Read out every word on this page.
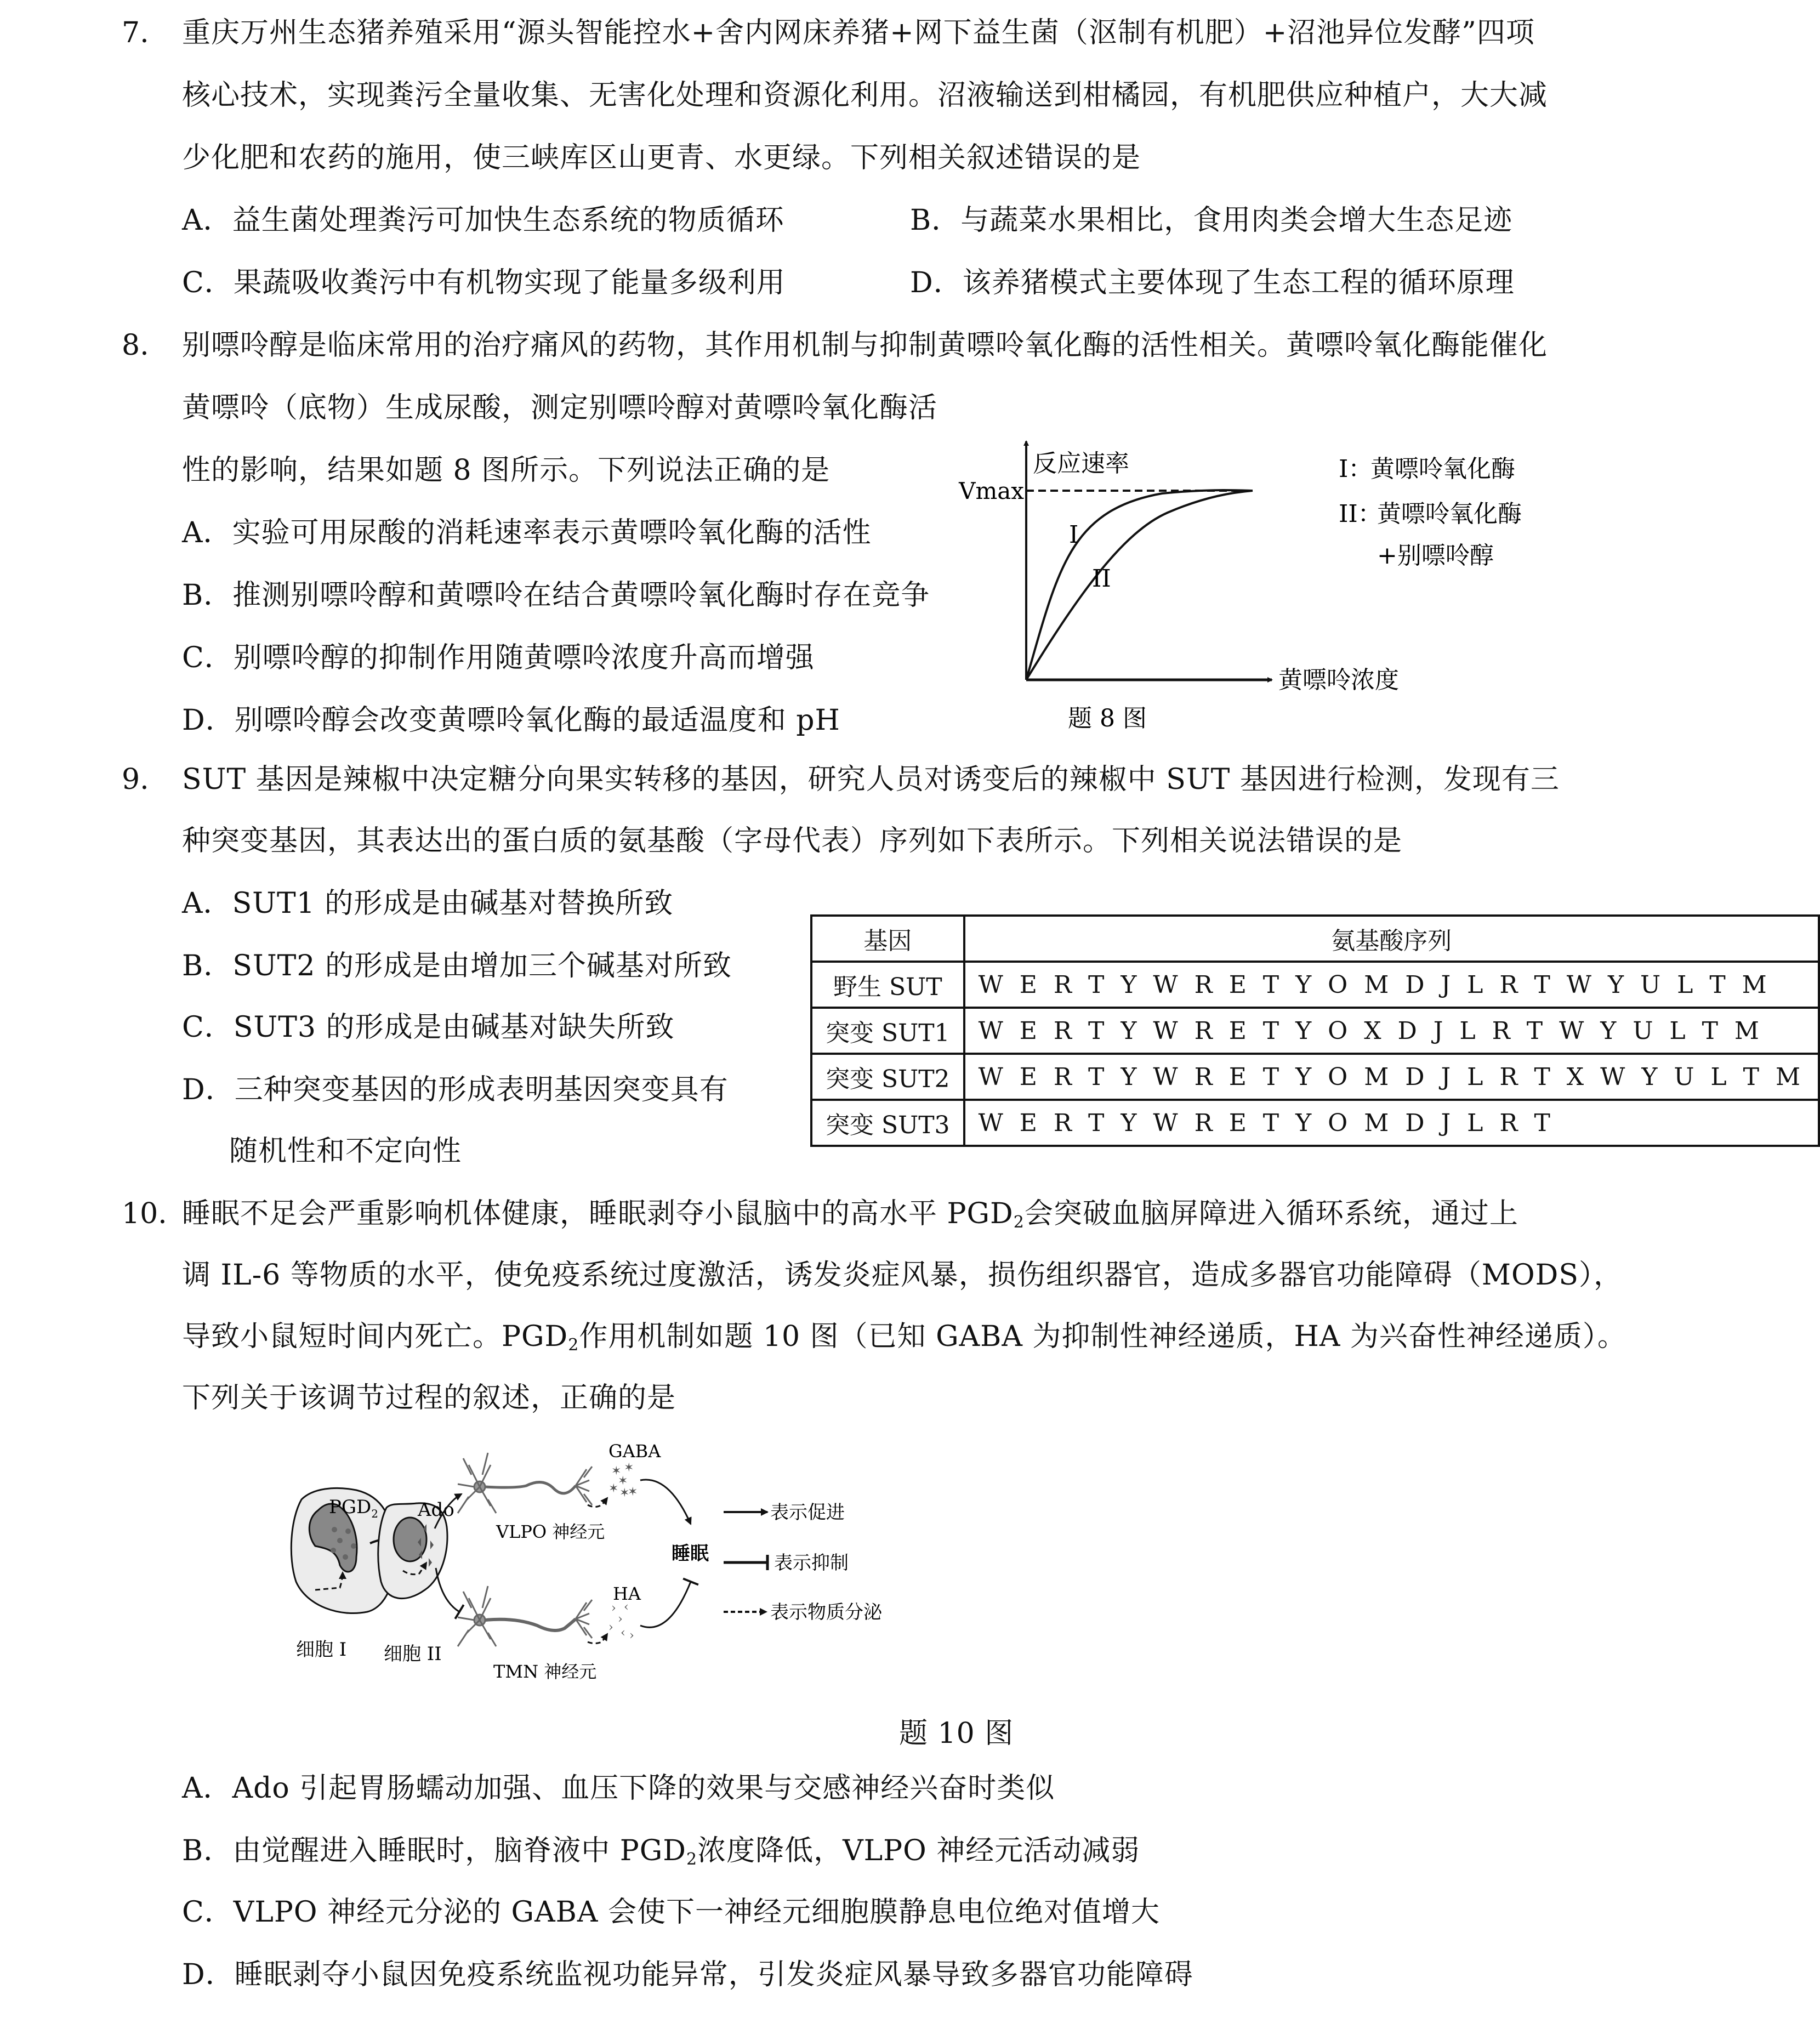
7. 重庆万州生态猪养殖采用“源头智能控水+舍内网床养猪+网下益生菌（沤制有机肥）+沼池异位发酵”四项
核心技术，实现粪污全量收集、无害化处理和资源化利用。沼液输送到柑橘园，有机肥供应种植户，大大减
少化肥和农药的施用，使三峡库区山更青、水更绿。下列相关叙述错误的是
A．益生菌处理粪污可加快生态系统的物质循环	B．与蔬菜水果相比，食用肉类会增大生态足迹
C．果蔬吸收粪污中有机物实现了能量多级利用	D．该养猪模式主要体现了生态工程的循环原理
8. 别嘌呤醇是临床常用的治疗痛风的药物，其作用机制与抑制黄嘌呤氧化酶的活性相关。黄嘌呤氧化酶能催化
黄嘌呤（底物）生成尿酸，测定别嘌呤醇对黄嘌呤氧化酶活
性的影响，结果如题 8 图所示。下列说法正确的是
A．实验可用尿酸的消耗速率表示黄嘌呤氧化酶的活性
B．推测别嘌呤醇和黄嘌呤在结合黄嘌呤氧化酶时存在竞争
C．别嘌呤醇的抑制作用随黄嘌呤浓度升高而增强
D．别嘌呤醇会改变黄嘌呤氧化酶的最适温度和 pH
反应速率
Vmax
I
II
黄嘌呤浓度
I：
黄嘌呤氧化酶
II：
黄嘌呤氧化酶
+别嘌呤醇
题 8 图
9. SUT 基因是辣椒中决定糖分向果实转移的基因，研究人员对诱变后的辣椒中 SUT 基因进行检测，发现有三
种突变基因，其表达出的蛋白质的氨基酸（字母代表）序列如下表所示。下列相关说法错误的是
A．SUT1 的形成是由碱基对替换所致
B．SUT2 的形成是由增加三个碱基对所致
C．SUT3 的形成是由碱基对缺失所致
D．三种突变基因的形成表明基因突变具有
随机性和不定向性
基因	氨基酸序列
野生 SUT	W E R T Y W R E T Y O M D J L R T W Y U L T M
突变 SUT1	W E R T Y W R E T Y O X D J L R T W Y U L T M
突变 SUT2	W E R T Y W R E T Y O M D J L R T X W Y U L T M
突变 SUT3	W E R T Y W R E T Y O M D J L R T
10. 睡眠不足会严重影响机体健康，睡眠剥夺小鼠脑中的高水平 $PGD_2$会突破血脑屏障进入循环系统，通过上
调 IL-6 等物质的水平，使免疫系统过度激活，诱发炎症风暴，损伤组织器官，造成多器官功能障碍（MODS），
导致小鼠短时间内死亡。$PGD_2$作用机制如题 10 图（已知 GABA 为抑制性神经递质，HA 为兴奋性神经递质）。
下列关于该调节过程的叙述，正确的是
$PGD_2$
细胞 I
Ado
细胞 II
VLPO 神经元
✶ ✶
✶
✶ ✶
✶
GABA
TMN 神经元
› ‹
›
› ‹ ›
HA
睡眠
表示促进
表示抑制
表示物质分泌
题 10 图
A．Ado 引起胃肠蠕动加强、血压下降的效果与交感神经兴奋时类似
B．由觉醒进入睡眠时，脑脊液中 $PGD_2$浓度降低，VLPO 神经元活动减弱
C．VLPO 神经元分泌的 GABA 会使下一神经元细胞膜静息电位绝对值增大
D．睡眠剥夺小鼠因免疫系统监视功能异常，引发炎症风暴导致多器官功能障碍
